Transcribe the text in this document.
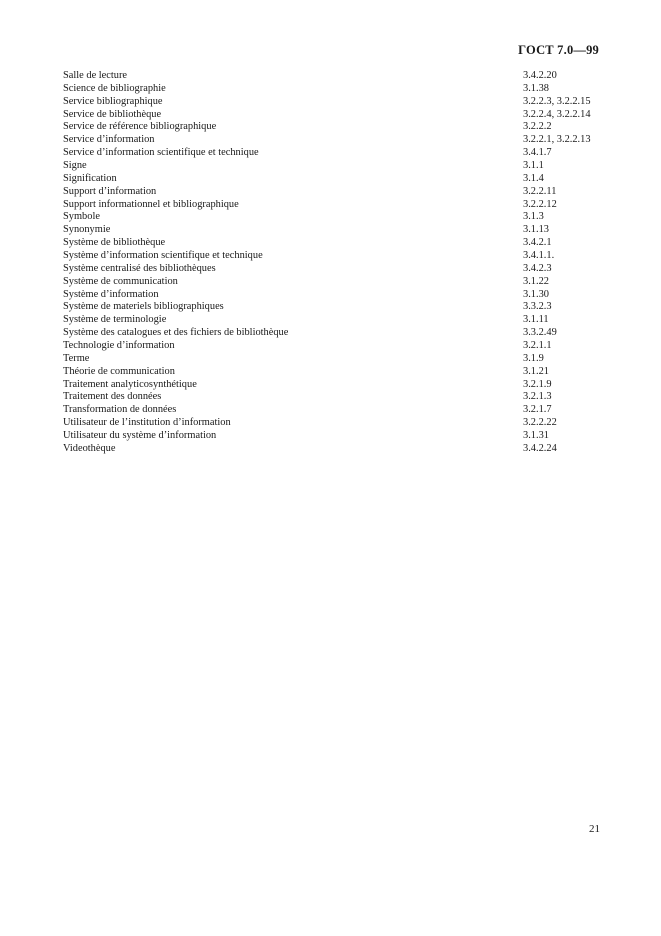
ГОСТ 7.0—99
Salle de lecture	3.4.2.20
Science de bibliographie	3.1.38
Service bibliographique	3.2.2.3, 3.2.2.15
Service de bibliothèque	3.2.2.4, 3.2.2.14
Service de référence bibliographique	3.2.2.2
Service d’information	3.2.2.1, 3.2.2.13
Service d’information scientifique et technique	3.4.1.7
Signe	3.1.1
Signification	3.1.4
Support d’information	3.2.2.11
Support informationnel et bibliographique	3.2.2.12
Symbole	3.1.3
Synonymie	3.1.13
Système de bibliothèque	3.4.2.1
Système d’information scientifique et technique	3.4.1.1.
Système centralisé des bibliothèques	3.4.2.3
Système de communication	3.1.22
Système d’information	3.1.30
Système de materiels bibliographiques	3.3.2.3
Système de terminologie	3.1.11
Système des catalogues et des fichiers de bibliothèque	3.3.2.49
Technologie d’information	3.2.1.1
Terme	3.1.9
Théorie de communication	3.1.21
Traitement analyticosynthétique	3.2.1.9
Traitement des données	3.2.1.3
Transformation de données	3.2.1.7
Utilisateur de l’institution d’information	3.2.2.22
Utilisateur du système d’information	3.1.31
Videothèque	3.4.2.24
21
